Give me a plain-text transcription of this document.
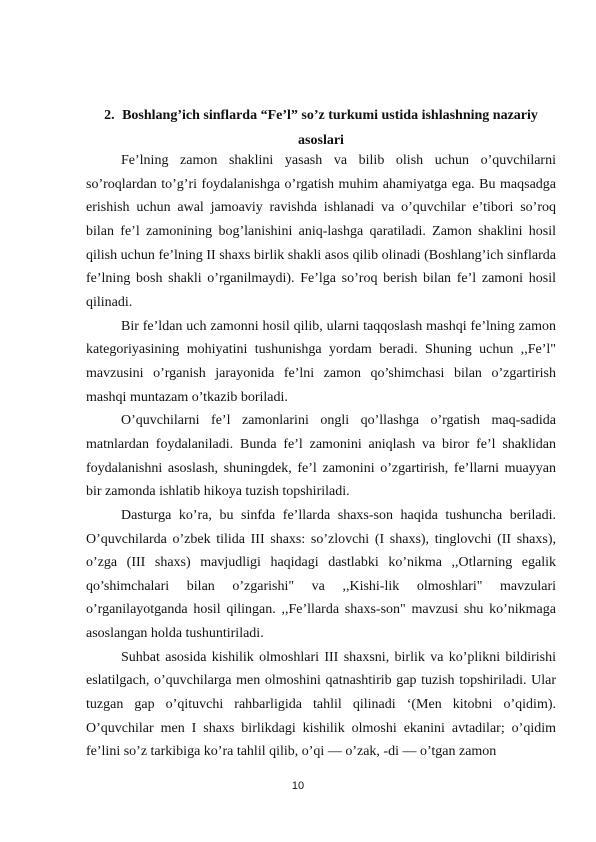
2. Boshlang’ich sinflarda “Fe’l” so’z turkumi ustida ishlashning nazariy asoslari

Fe’lning zamon shaklini yasash va bilib olish uchun o’quvchilarni so’roqlardan to’g’ri foydalanishga o’rgatish muhim ahamiyatga ega. Bu maqsadga erishish uchun awal jamoaviy ravishda ishlanadi va o’quvchilar e’tibori so’roq bilan fe’l zamonining bog’lanishini aniq-lashga qaratiladi. Zamon shaklini hosil qilish uchun fe’lning II shaxs birlik shakli asos qilib olinadi (Boshlang’ich sinflarda fe’lning bosh shakli o’rganilmaydi). Fe’lga so’roq berish bilan fe’l zamoni hosil qilinadi.

Bir fe’ldan uch zamonni hosil qilib, ularni taqqoslash mashqi fe’lning zamon kategoriyasining mohiyatini tushunishga yordam beradi. Shuning uchun ,,Fe’l" mavzusini o’rganish jarayonida fe’lni zamon qo’shimchasi bilan o’zgartirish mashqi muntazam o’tkazib boriladi.

O’quvchilarni fe’l zamonlarini ongli qo’llashga o’rgatish maq-sadida matnlardan foydalaniladi. Bunda fe’l zamonini aniqlash va biror fe’l shaklidan foydalanishni asoslash, shuningdek, fe’l zamonini o’zgartirish, fe’llarni muayyan bir zamonda ishlatib hikoya tuzish topshiriladi.

Dasturga ko’ra, bu sinfda fe’llarda shaxs-son haqida tushuncha beriladi. O’quvchilarda o’zbek tilida III shaxs: so’zlovchi (I shaxs), tinglovchi (II shaxs), o’zga (III shaxs) mavjudligi haqidagi dastlabki ko’nikma ,,Otlarning egalik qo’shimchalari bilan o’zgarishi" va ,,Kishi-lik olmoshlari" mavzulari o’rganilayotganda hosil qilingan. ,,Fe’llarda shaxs-son" mavzusi shu ko’nikmaga asoslangan holda tushuntiriladi.

Suhbat asosida kishilik olmoshlari III shaxsni, birlik va ko’plikni bildirishi eslatilgach, o’quvchilarga men olmoshini qatnashtirib gap tuzish topshiriladi. Ular tuzgan gap o’qituvchi rahbarligida tahlil qilinadi ‘(Men kitobni o’qidim). O’quvchilar men I shaxs birlikdagi kishilik olmoshi ekanini avtadilar; o’qidim fe’lini so’z tarkibiga ko’ra tahlil qilib, o’qi — o’zak, -di — o’tgan zamon

10
